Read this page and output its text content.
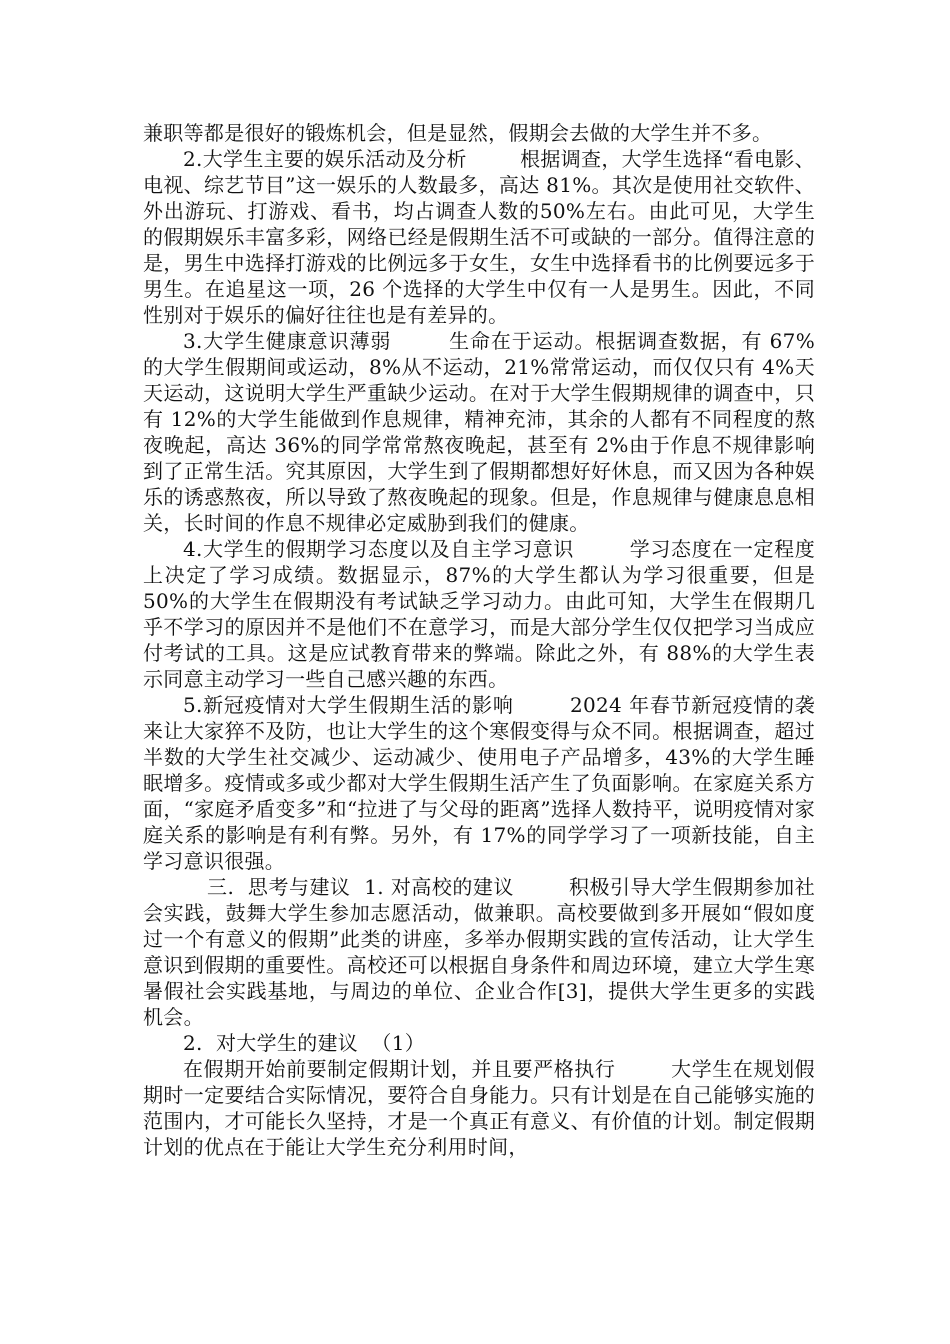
兼职等都是很好的锻炼机会，但是显然，假期会去做的大学生并不多。

2.大学生主要的娱乐活动及分析        根据调查，大学生选择“看电影、电视、综艺节目”这一娱乐的人数最多，高达 81%。其次是使用社交软件、外出游玩、打游戏、看书，均占调查人数的50%左右。由此可见，大学生的假期娱乐丰富多彩，网络已经是假期生活不可或缺的一部分。值得注意的是，男生中选择打游戏的比例远多于女生，女生中选择看书的比例要远多于男生。在追星这一项，26 个选择的大学生中仅有一人是男生。因此，不同性别对于娱乐的偏好往往也是有差异的。

3.大学生健康意识薄弱        生命在于运动。根据调查数据，有 67%的大学生假期间或运动，8%从不运动，21%常常运动，而仅仅只有 4%天天运动，这说明大学生严重缺少运动。在对于大学生假期规律的调查中，只有 12%的大学生能做到作息规律，精神充沛，其余的人都有不同程度的熬夜晚起，高达 36%的同学常常熬夜晚起，甚至有 2%由于作息不规律影响到了正常生活。究其原因，大学生到了假期都想好好休息，而又因为各种娱乐的诱惑熬夜，所以导致了熬夜晚起的现象。但是，作息规律与健康息息相关，长时间的作息不规律必定威胁到我们的健康。

4.大学生的假期学习态度以及自主学习意识        学习态度在一定程度上决定了学习成绩。数据显示，87%的大学生都认为学习很重要，但是 50%的大学生在假期没有考试缺乏学习动力。由此可知，大学生在假期几乎不学习的原因并不是他们不在意学习，而是大部分学生仅仅把学习当成应付考试的工具。这是应试教育带来的弊端。除此之外，有 88%的大学生表示同意主动学习一些自己感兴趣的东西。

5.新冠疫情对大学生假期生活的影响        2024 年春节新冠疫情的袭来让大家猝不及防，也让大学生的这个寒假变得与众不同。根据调查，超过半数的大学生社交减少、运动减少、使用电子产品增多，43%的大学生睡眠增多。疫情或多或少都对大学生假期生活产生了负面影响。在家庭关系方面，“家庭矛盾变多”和“拉进了与父母的距离”选择人数持平，说明疫情对家庭关系的影响是有利有弊。另外，有 17%的同学学习了一项新技能，自主学习意识很强。

三.  思考与建议  1. 对高校的建议        积极引导大学生假期参加社会实践，鼓舞大学生参加志愿活动，做兼职。高校要做到多开展如“假如度过一个有意义的假期”此类的讲座，多举办假期实践的宣传活动，让大学生意识到假期的重要性。高校还可以根据自身条件和周边环境，建立大学生寒暑假社会实践基地，与周边的单位、企业合作[3]，提供大学生更多的实践机会。

2.  对大学生的建议  （1）

在假期开始前要制定假期计划，并且要严格执行        大学生在规划假期时一定要结合实际情况，要符合自身能力。只有计划是在自己能够实施的范围内，才可能长久坚持，才是一个真正有意义、有价值的计划。制定假期计划的优点在于能让大学生充分利用时间，
